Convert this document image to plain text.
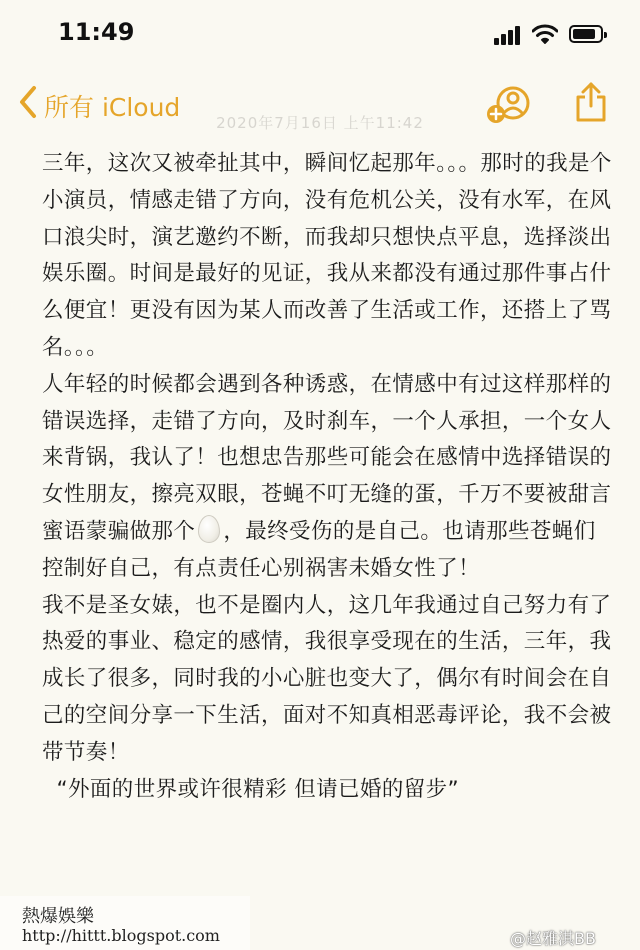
11:49
所有 iCloud
2020年7月16日 上午11:42

三年，这次又被牵扯其中，瞬间忆起那年。。。那时的我是个小演员，情感走错了方向，没有危机公关，没有水军，在风口浪尖时，演艺邀约不断，而我却只想快点平息，选择淡出娱乐圈。时间是最好的见证，我从来都没有通过那件事占什么便宜！更没有因为某人而改善了生活或工作，还搭上了骂名。。。

人年轻的时候都会遇到各种诱惑，在情感中有过这样那样的错误选择，走错了方向，及时刹车，一个人承担，一个女人来背锅，我认了！也想忠告那些可能会在感情中选择错误的女性朋友，擦亮双眼，苍蝇不叮无缝的蛋，千万不要被甜言蜜语蒙骗做那个 ，最终受伤的是自己。也请那些苍蝇们控制好自己，有点责任心别祸害未婚女性了！

我不是圣女婊，也不是圈内人，这几年我通过自己努力有了热爱的事业、稳定的感情，我很享受现在的生活，三年，我成长了很多，同时我的小心脏也变大了，偶尔有时间会在自己的空间分享一下生活，面对不知真相恶毒评论，我不会被带节奏！

“外面的世界或许很精彩 但请已婚的留步”

熱爆娛樂
http://hittt.blogspot.com	@赵雅淇BB
